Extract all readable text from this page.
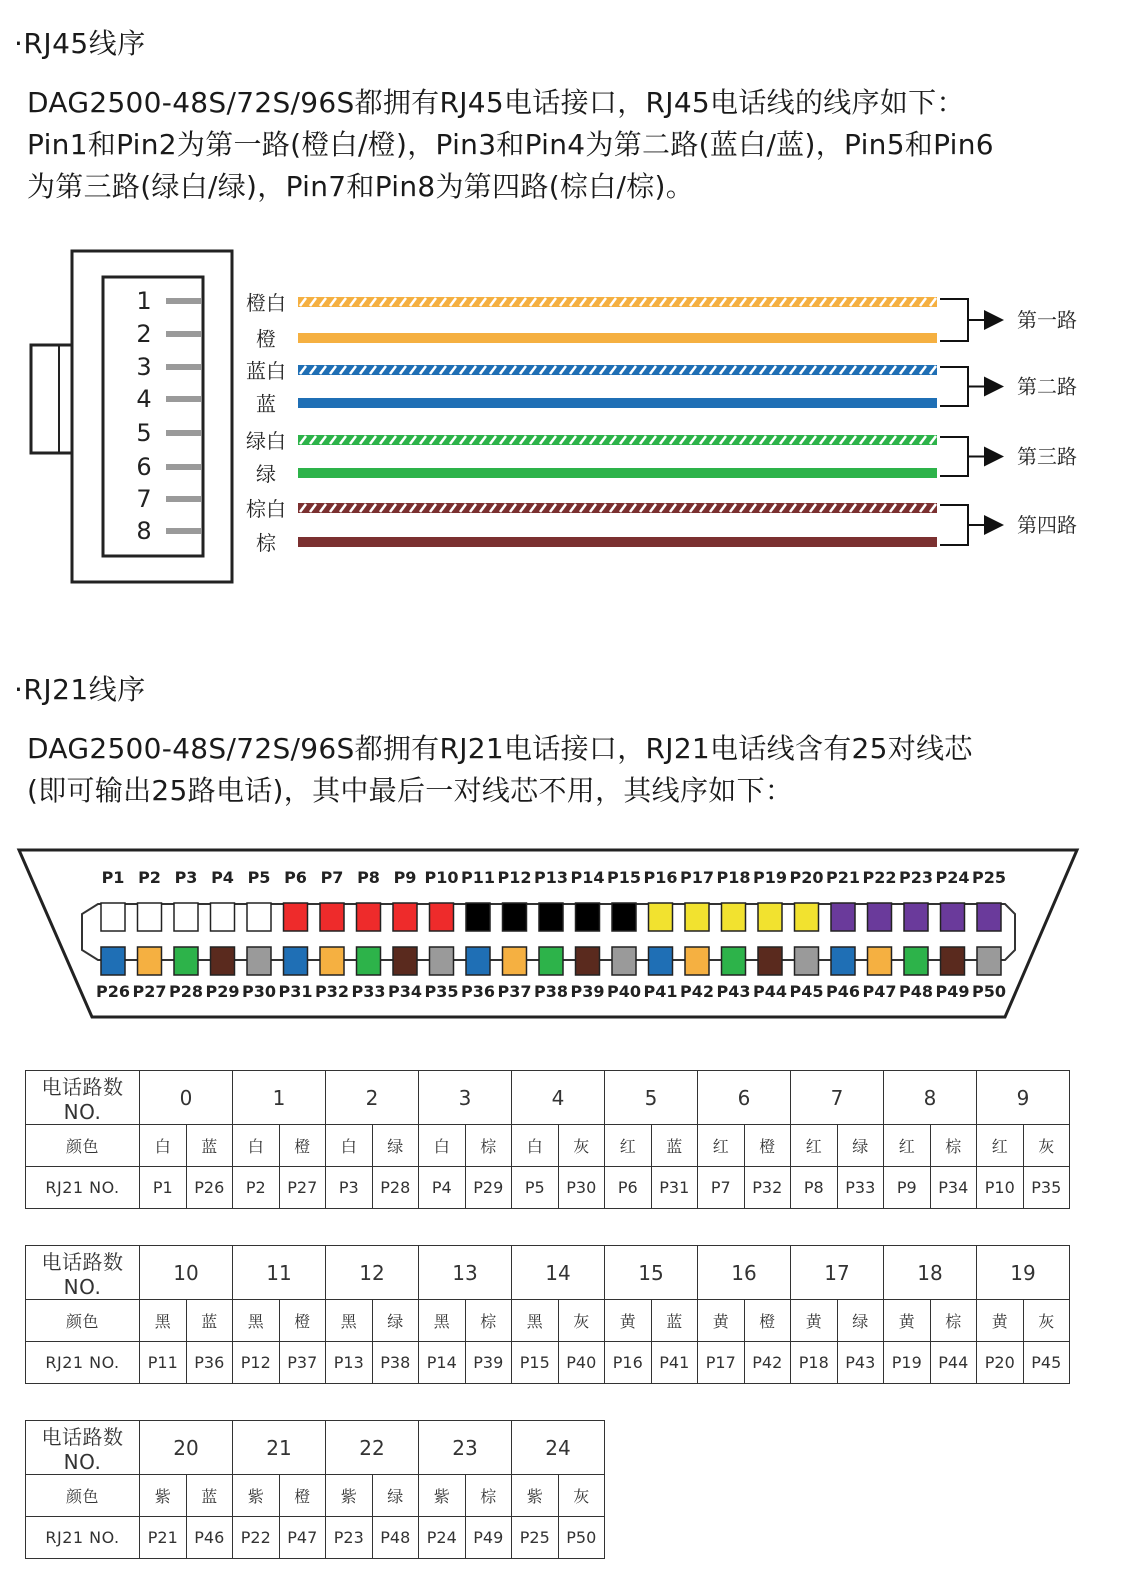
·RJ45线序
DAG2500-48S/72S/96S都拥有RJ45电话接口，RJ45电话线的线序如下：
Pin1和Pin2为第一路(橙白/橙)，Pin3和Pin4为第二路(蓝白/蓝)，Pin5和Pin6
为第三路(绿白/绿)，Pin7和Pin8为第四路(棕白/棕)。
1
2
3
4
5
6
7
8
橙白
橙
蓝白
蓝
绿白
绿
棕白
棕
第一路
第二路
第三路
第四路
·RJ21线序
DAG2500-48S/72S/96S都拥有RJ21电话接口，RJ21电话线含有25对线芯
(即可输出25路电话)，其中最后一对线芯不用，其线序如下：
P1 P2 P3 P4 P5 P6 P7 P8 P9 P10 P11 P12 P13 P14 P15 P16 P17 P18 P19 P20 P21 P22 P23 P24 P25
P26 P27 P28 P29 P30 P31 P32 P33 P34 P35 P36 P37 P38 P39 P40 P41 P42 P43 P44 P45 P46 P47 P48 P49 P50
电话路数NO.	0		1		2		3		4		5		6		7		8		9	
颜色	白	蓝	白	橙	白	绿	白	棕	白	灰	红	蓝	红	橙	红	绿	红	棕	红	灰
RJ21 NO.	P1	P26	P2	P27	P3	P28	P4	P29	P5	P30	P6	P31	P7	P32	P8	P33	P9	P34	P10	P35
电话路数NO.	10		11		12		13		14		15		16		17		18		19	
颜色	黑	蓝	黑	橙	黑	绿	黑	棕	黑	灰	黄	蓝	黄	橙	黄	绿	黄	棕	黄	灰
RJ21 NO.	P11	P36	P12	P37	P13	P38	P14	P39	P15	P40	P16	P41	P17	P42	P18	P43	P19	P44	P20	P45
电话路数NO.	20		21		22		23		24	
颜色	紫	蓝	紫	橙	紫	绿	紫	棕	紫	灰
RJ21 NO.	P21	P46	P22	P47	P23	P48	P24	P49	P25	P50
